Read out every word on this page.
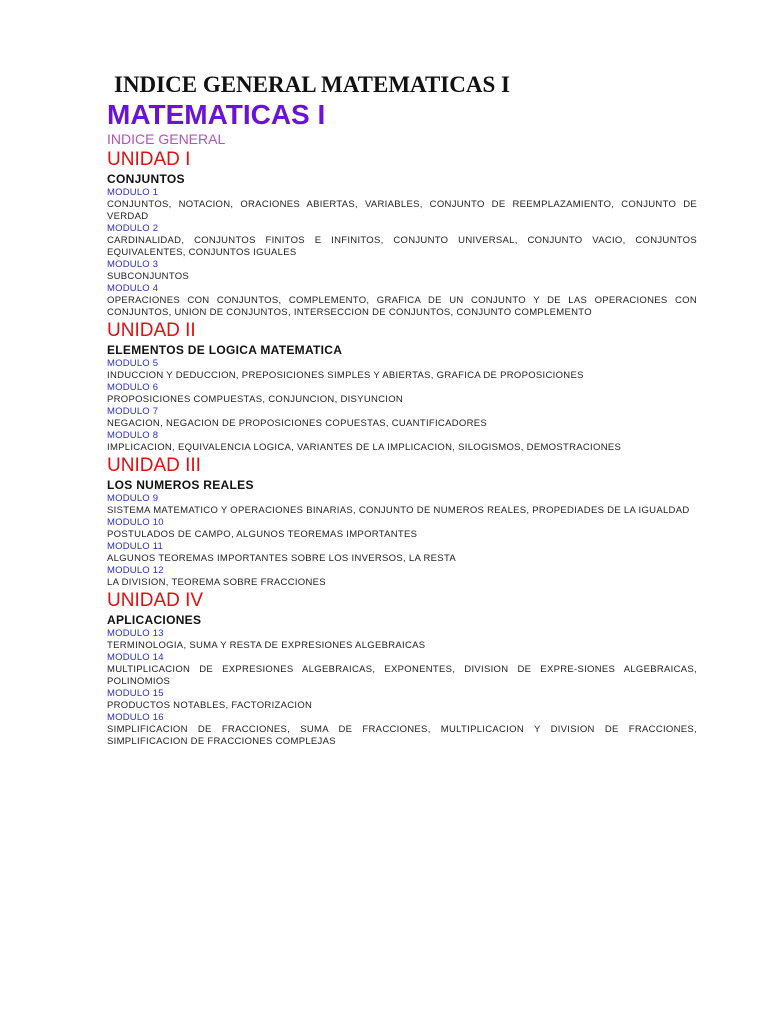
INDICE GENERAL MATEMATICAS I
MATEMATICAS I
INDICE GENERAL
UNIDAD I
CONJUNTOS
MODULO 1
CONJUNTOS, NOTACION, ORACIONES ABIERTAS, VARIABLES, CONJUNTO DE REEMPLAZAMIENTO, CONJUNTO DE VERDAD
MODULO 2
CARDINALIDAD, CONJUNTOS FINITOS E INFINITOS, CONJUNTO UNIVERSAL, CONJUNTO VACIO, CONJUNTOS EQUIVALENTES, CONJUNTOS IGUALES
MODULO 3
SUBCONJUNTOS
MODULO 4
OPERACIONES CON CONJUNTOS, COMPLEMENTO, GRAFICA DE UN CONJUNTO Y DE LAS OPERACIONES CON CONJUNTOS, UNION DE CONJUNTOS, INTERSECCION DE CONJUNTOS, CONJUNTO COMPLEMENTO
UNIDAD II
ELEMENTOS DE LOGICA MATEMATICA
MODULO 5
INDUCCION Y DEDUCCION, PREPOSICIONES SIMPLES Y ABIERTAS, GRAFICA DE PROPOSICIONES
MODULO 6
PROPOSICIONES COMPUESTAS, CONJUNCION, DISYUNCION
MODULO 7
NEGACION, NEGACION DE PROPOSICIONES COPUESTAS, CUANTIFICADORES
MODULO 8
IMPLICACION, EQUIVALENCIA LOGICA, VARIANTES DE LA IMPLICACION, SILOGISMOS, DEMOSTRACIONES
UNIDAD III
LOS NUMEROS REALES
MODULO 9
SISTEMA MATEMATICO Y OPERACIONES BINARIAS, CONJUNTO DE NUMEROS REALES, PROPEDIADES DE LA IGUALDAD
MODULO 10
POSTULADOS DE CAMPO, ALGUNOS TEOREMAS IMPORTANTES
MODULO 11
ALGUNOS TEOREMAS IMPORTANTES SOBRE LOS INVERSOS, LA RESTA
MODULO 12
LA DIVISION, TEOREMA SOBRE FRACCIONES
UNIDAD IV
APLICACIONES
MODULO 13
TERMINOLOGIA, SUMA Y RESTA DE EXPRESIONES ALGEBRAICAS
MODULO 14
MULTIPLICACION DE EXPRESIONES ALGEBRAICAS, EXPONENTES, DIVISION DE EXPRE-SIONES ALGEBRAICAS, POLINOMIOS
MODULO 15
PRODUCTOS NOTABLES, FACTORIZACION
MODULO 16
SIMPLIFICACION DE FRACCIONES, SUMA DE FRACCIONES, MULTIPLICACION Y DIVISION DE FRACCIONES, SIMPLIFICACION DE FRACCIONES COMPLEJAS
